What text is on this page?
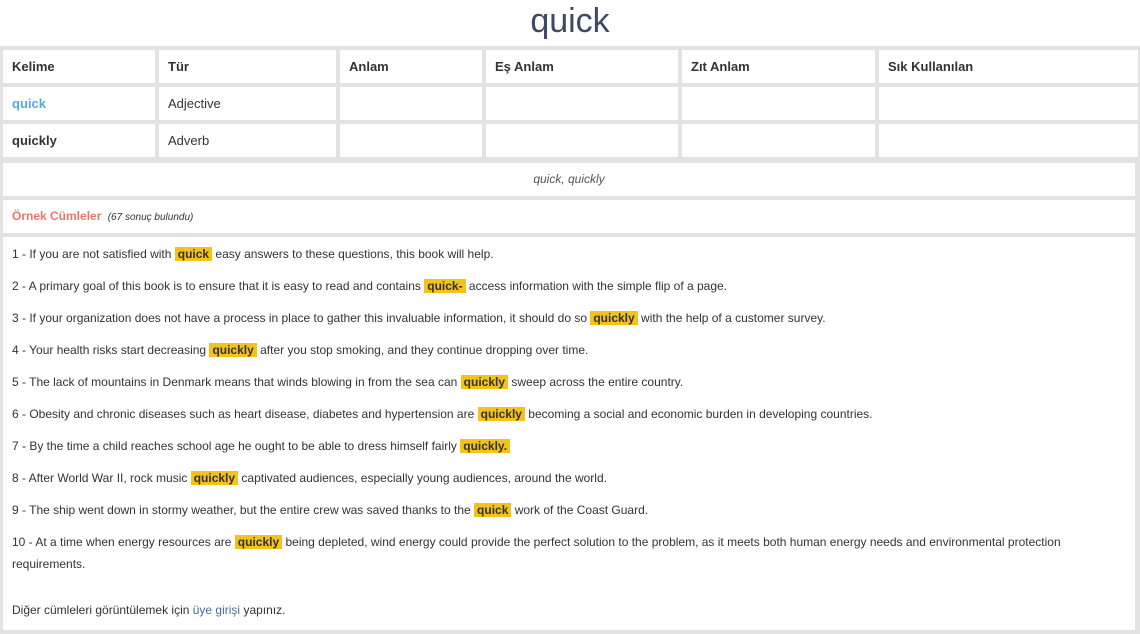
quick
Kelime	Tür	Anlam	Eş Anlam	Zıt Anlam	Sık Kullanılan
quick	Adjective
quickly	Adverb
quick, quickly
Örnek Cümleler (67 sonuç bulundu)

1 - If you are not satisfied with quick easy answers to these questions, this book will help.

2 - A primary goal of this book is to ensure that it is easy to read and contains quick- access information with the simple flip of a page.

3 - If your organization does not have a process in place to gather this invaluable information, it should do so quickly with the help of a customer survey.

4 - Your health risks start decreasing quickly after you stop smoking, and they continue dropping over time.

5 - The lack of mountains in Denmark means that winds blowing in from the sea can quickly sweep across the entire country.

6 - Obesity and chronic diseases such as heart disease, diabetes and hypertension are quickly becoming a social and economic burden in developing countries.

7 - By the time a child reaches school age he ought to be able to dress himself fairly quickly.

8 - After World War II, rock music quickly captivated audiences, especially young audiences, around the world.

9 - The ship went down in stormy weather, but the entire crew was saved thanks to the quick work of the Coast Guard.

10 - At a time when energy resources are quickly being depleted, wind energy could provide the perfect solution to the problem, as it meets both human energy needs and environmental protection requirements.

Diğer cümleleri görüntülemek için üye girişi yapınız.
